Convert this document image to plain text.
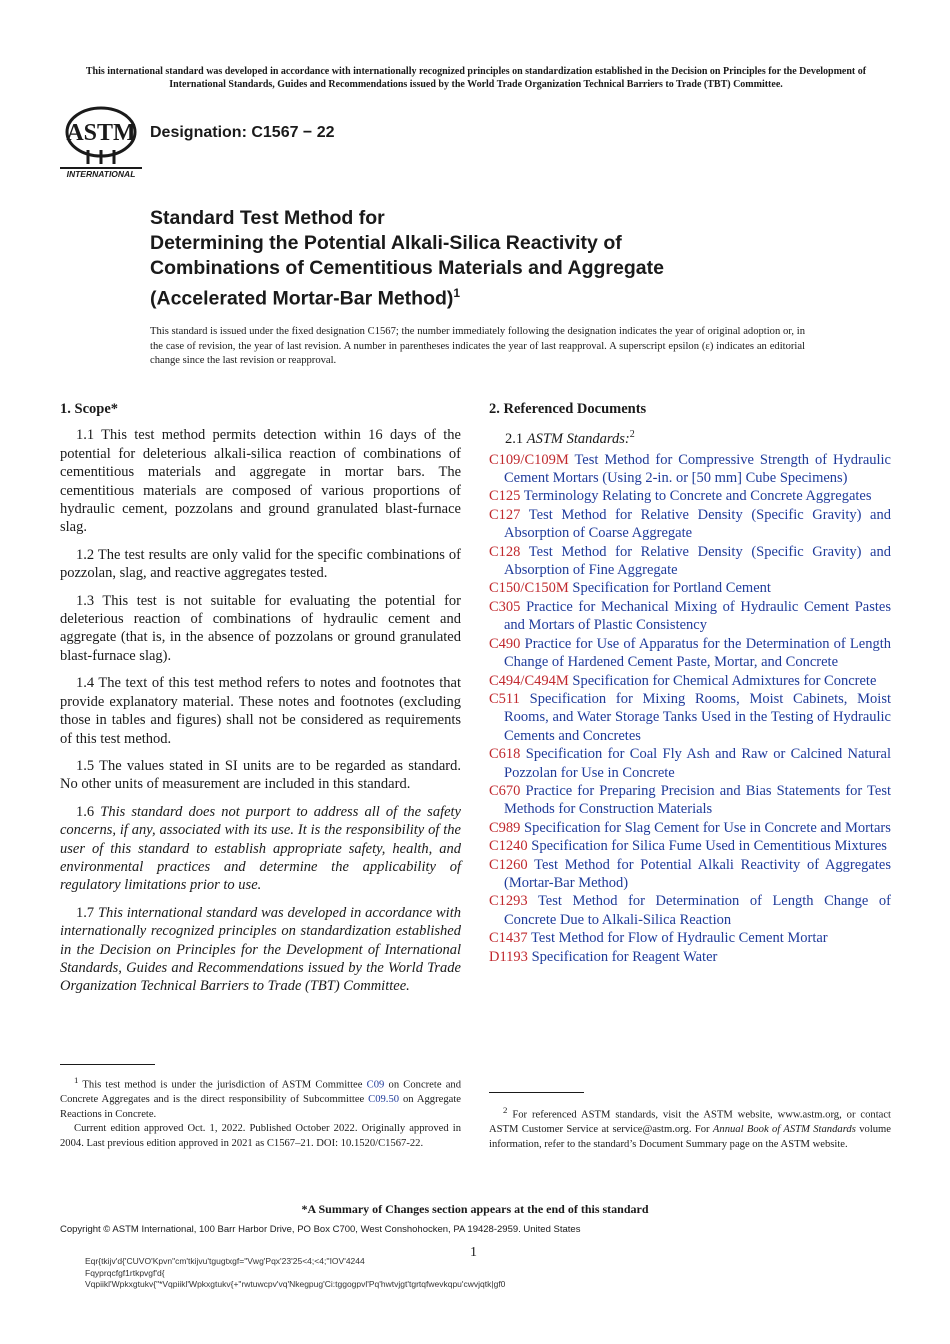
This international standard was developed in accordance with internationally recognized principles on standardization established in the Decision on Principles for the Development of International Standards, Guides and Recommendations issued by the World Trade Organization Technical Barriers to Trade (TBT) Committee.
ASTM
INTERNATIONAL
Designation: C1567 − 22
Standard Test Method for
Determining the Potential Alkali-Silica Reactivity of
Combinations of Cementitious Materials and Aggregate
(Accelerated Mortar-Bar Method)$^1$
This standard is issued under the fixed designation C1567; the number immediately following the designation indicates the year of original adoption or, in the case of revision, the year of last revision. A number in parentheses indicates the year of last reapproval. A superscript epsilon (ε) indicates an editorial change since the last revision or reapproval.
1. Scope*

1.1 This test method permits detection within 16 days of the potential for deleterious alkali-silica reaction of combinations of cementitious materials and aggregate in mortar bars. The cementitious materials are composed of various proportions of hydraulic cement, pozzolans and ground granulated blast-furnace slag.

1.2 The test results are only valid for the specific combinations of pozzolan, slag, and reactive aggregates tested.

1.3 This test is not suitable for evaluating the potential for deleterious reaction of combinations of hydraulic cement and aggregate (that is, in the absence of pozzolans or ground granulated blast-furnace slag).

1.4 The text of this test method refers to notes and footnotes that provide explanatory material. These notes and footnotes (excluding those in tables and figures) shall not be considered as requirements of this test method.

1.5 The values stated in SI units are to be regarded as standard. No other units of measurement are included in this standard.

1.6 This standard does not purport to address all of the safety concerns, if any, associated with its use. It is the responsibility of the user of this standard to establish appropriate safety, health, and environmental practices and determine the applicability of regulatory limitations prior to use.

1.7 This international standard was developed in accordance with internationally recognized principles on standardization established in the Decision on Principles for the Development of International Standards, Guides and Recommendations issued by the World Trade Organization Technical Barriers to Trade (TBT) Committee.

$^1$ This test method is under the jurisdiction of ASTM Committee C09 on Concrete and Concrete Aggregates and is the direct responsibility of Subcommittee C09.50 on Aggregate Reactions in Concrete.

Current edition approved Oct. 1, 2022. Published October 2022. Originally approved in 2004. Last previous edition approved in 2021 as C1567–21. DOI: 10.1520/C1567-22.

2. Referenced Documents

2.1 ASTM Standards:$^2$

C109/C109M Test Method for Compressive Strength of Hydraulic Cement Mortars (Using 2-in. or [50 mm] Cube Specimens)

C125 Terminology Relating to Concrete and Concrete Aggregates

C127 Test Method for Relative Density (Specific Gravity) and Absorption of Coarse Aggregate

C128 Test Method for Relative Density (Specific Gravity) and Absorption of Fine Aggregate

C150/C150M Specification for Portland Cement

C305 Practice for Mechanical Mixing of Hydraulic Cement Pastes and Mortars of Plastic Consistency

C490 Practice for Use of Apparatus for the Determination of Length Change of Hardened Cement Paste, Mortar, and Concrete

C494/C494M Specification for Chemical Admixtures for Concrete

C511 Specification for Mixing Rooms, Moist Cabinets, Moist Rooms, and Water Storage Tanks Used in the Testing of Hydraulic Cements and Concretes

C618 Specification for Coal Fly Ash and Raw or Calcined Natural Pozzolan for Use in Concrete

C670 Practice for Preparing Precision and Bias Statements for Test Methods for Construction Materials

C989 Specification for Slag Cement for Use in Concrete and Mortars

C1240 Specification for Silica Fume Used in Cementitious Mixtures

C1260 Test Method for Potential Alkali Reactivity of Aggregates (Mortar-Bar Method)

C1293 Test Method for Determination of Length Change of Concrete Due to Alkali-Silica Reaction

C1437 Test Method for Flow of Hydraulic Cement Mortar

D1193 Specification for Reagent Water

$^2$ For referenced ASTM standards, visit the ASTM website, www.astm.org, or contact ASTM Customer Service at service@astm.org. For Annual Book of ASTM Standards volume information, refer to the standard’s Document Summary page on the ASTM website.

*A Summary of Changes section appears at the end of this standard
Copyright © ASTM International, 100 Barr Harbor Drive, PO Box C700, West Conshohocken, PA 19428-2959. United States
1
Eqr{tkijv'd{'CUVO'Kpvn"cm'tkijvu'tgugtxgf="Vwg'Pqx'23'25<4;<4;''IOV'4244
Fqyprqcfgf1rtkpvgf'd{
Vqpiikl'Wpkxgtukv{"*Vqpiikl'Wpkxgtukv{+"rwtuwcpv'vq'Nkegpug'Ci:tggogpvl'Pq'hwtvjgt'tgrtqfwevkqpu'cwvjqtk|gf0
